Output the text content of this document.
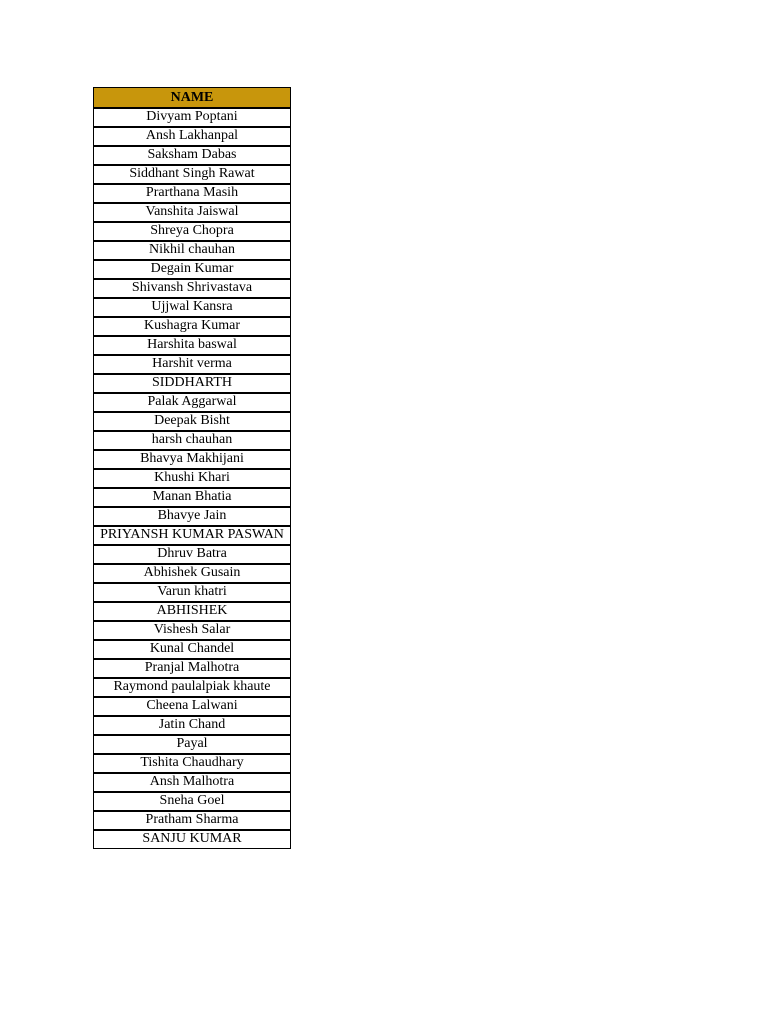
NAME
Divyam Poptani
Ansh Lakhanpal
Saksham Dabas
Siddhant Singh Rawat
Prarthana Masih
Vanshita Jaiswal
Shreya Chopra
Nikhil chauhan
Degain Kumar
Shivansh Shrivastava
Ujjwal Kansra
Kushagra Kumar
Harshita baswal
Harshit verma
SIDDHARTH
Palak Aggarwal
Deepak Bisht
harsh chauhan
Bhavya Makhijani
Khushi Khari
Manan Bhatia
Bhavye Jain
PRIYANSH KUMAR PASWAN
Dhruv Batra
Abhishek Gusain
Varun khatri
ABHISHEK
Vishesh Salar
Kunal Chandel
Pranjal Malhotra
Raymond paulalpiak khaute
Cheena Lalwani
Jatin Chand
Payal
Tishita Chaudhary
Ansh Malhotra
Sneha Goel
Pratham Sharma
SANJU KUMAR
